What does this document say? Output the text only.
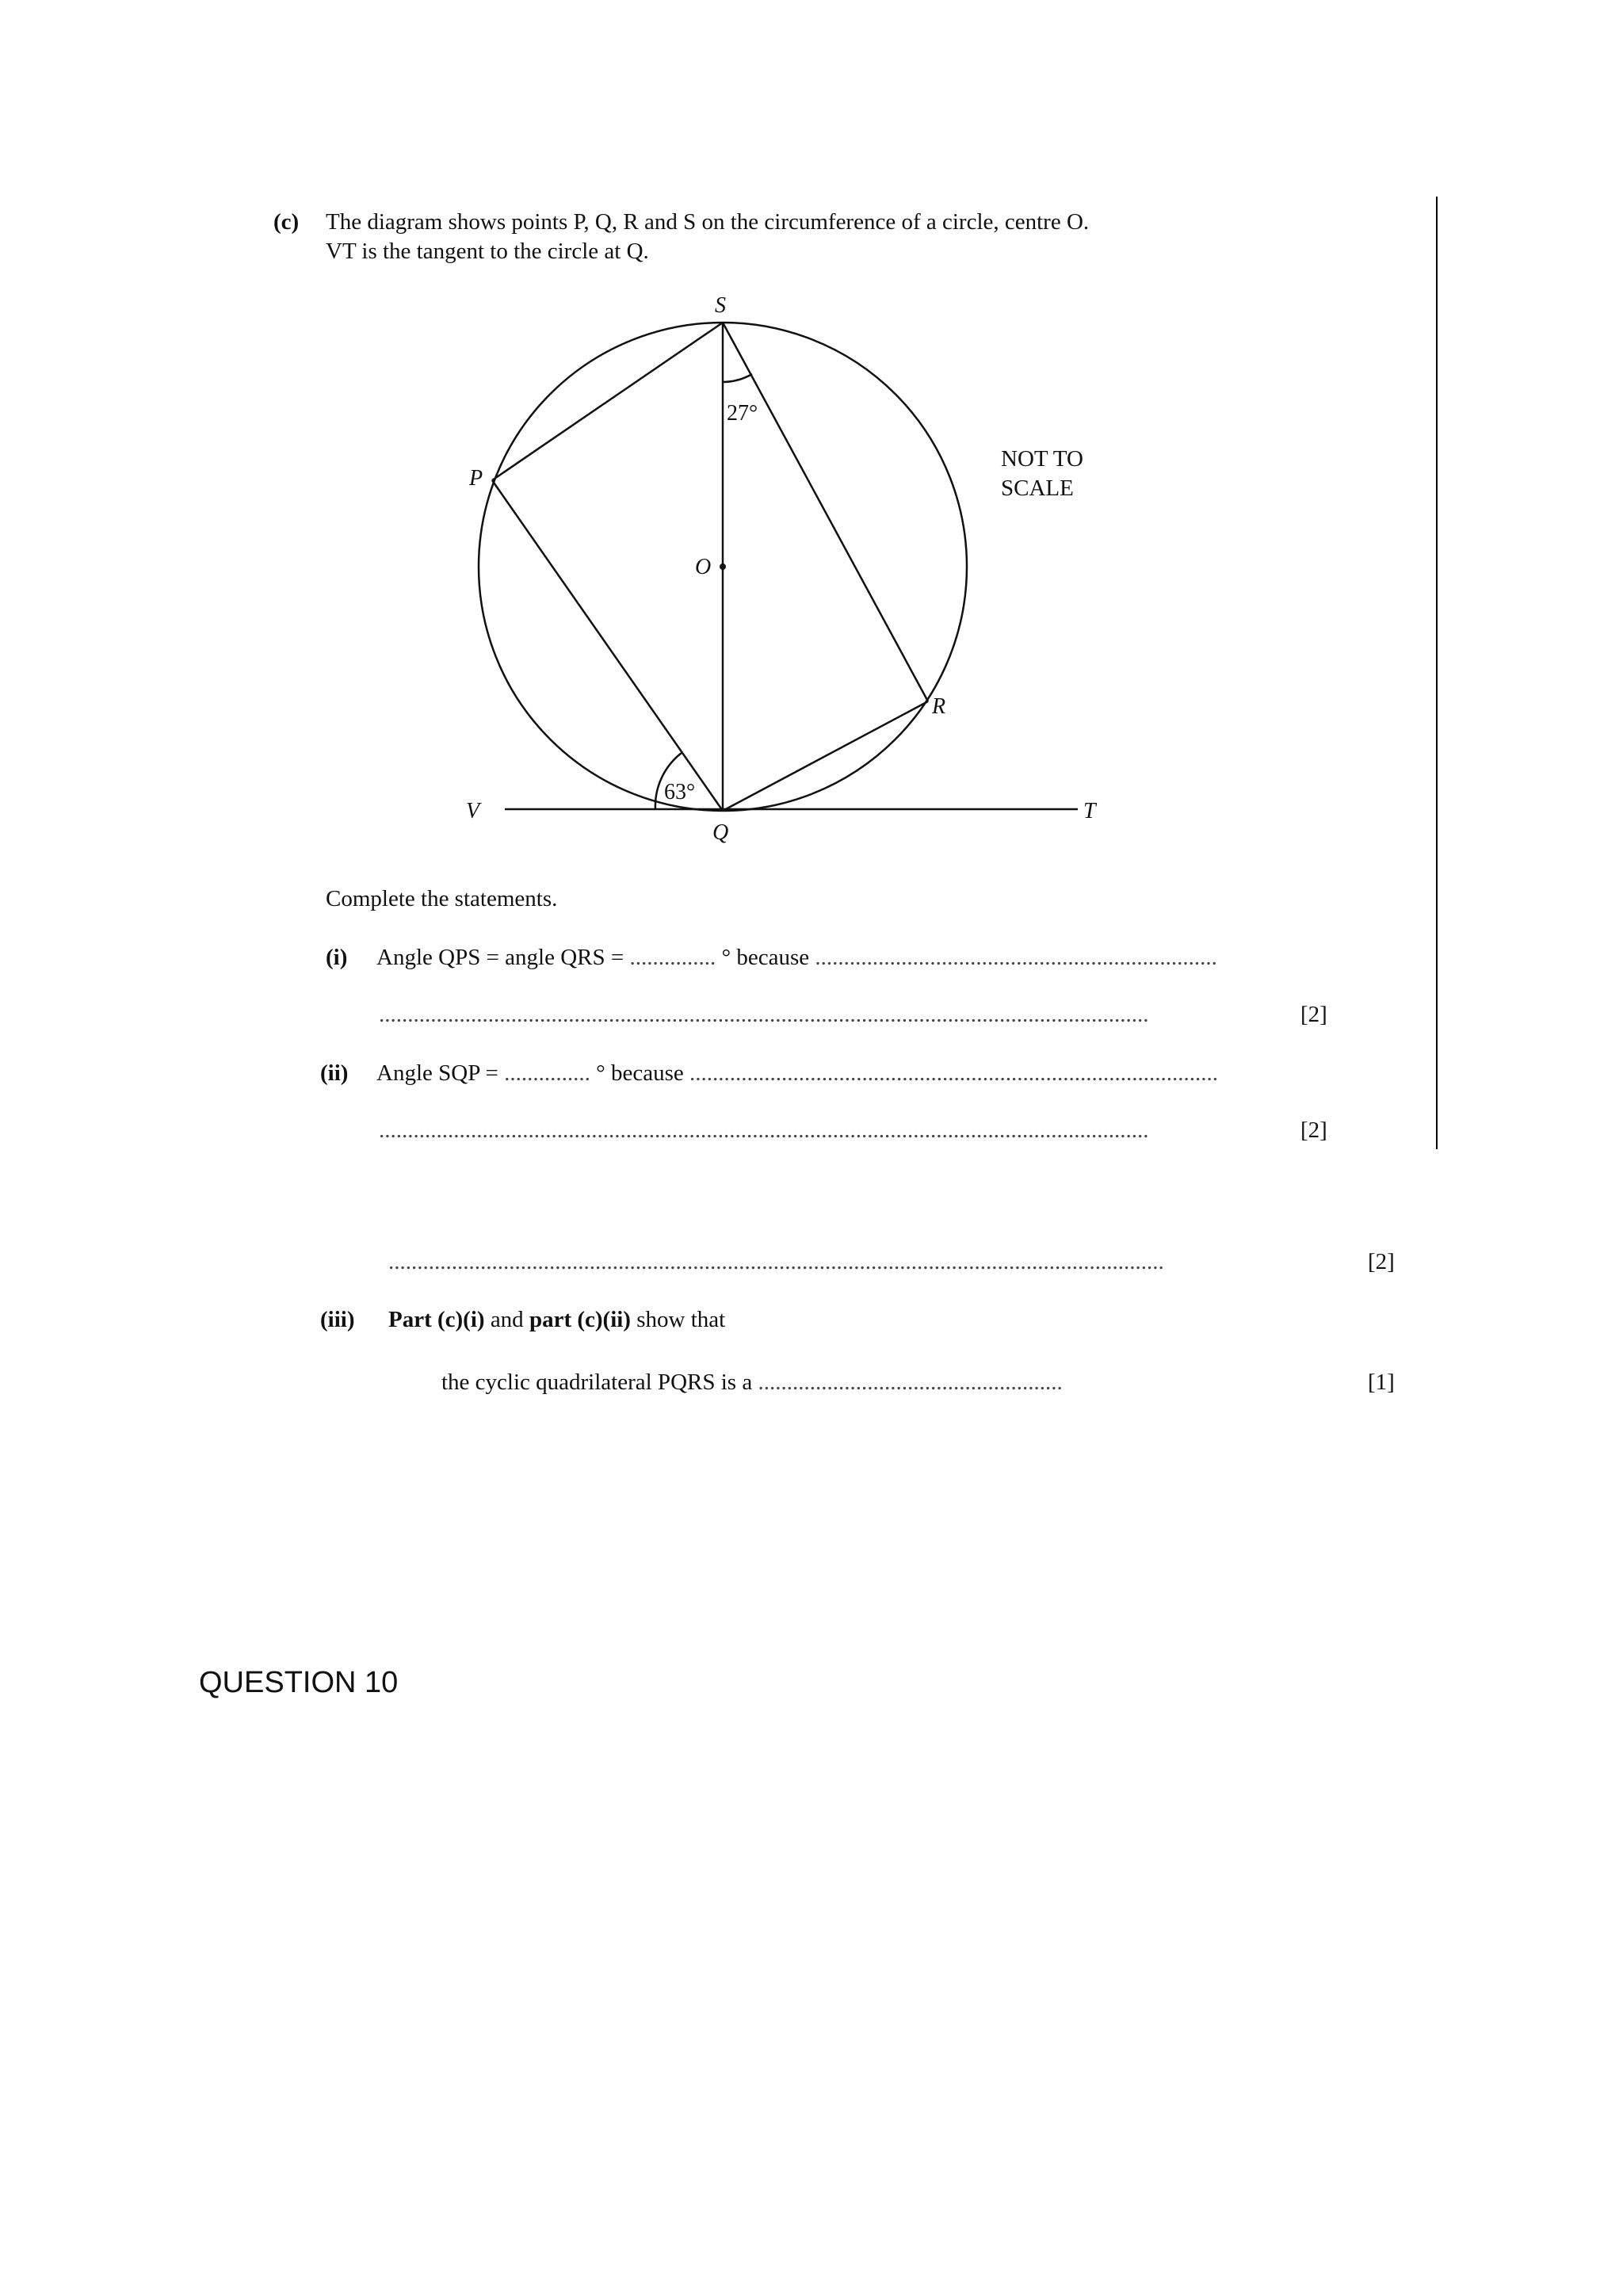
(c) The diagram shows points P, Q, R and S on the circumference of a circle, centre O.
VT is the tangent to the circle at Q.
S
P
O
R
V	T
Q
27°
63°
NOT TO
SCALE
Complete the statements.
(i) Angle QPS = angle QRS = ............... ° because ......................................................................
......................................................................................................................................	[2]
(ii) Angle SQP = ............... ° because ............................................................................................
......................................................................................................................................	[2]
.......................................................................................................................................	[2]
(iii) Part (c)(i) and part (c)(ii) show that
the cyclic quadrilateral PQRS is a .....................................................	[1]
QUESTION 10
